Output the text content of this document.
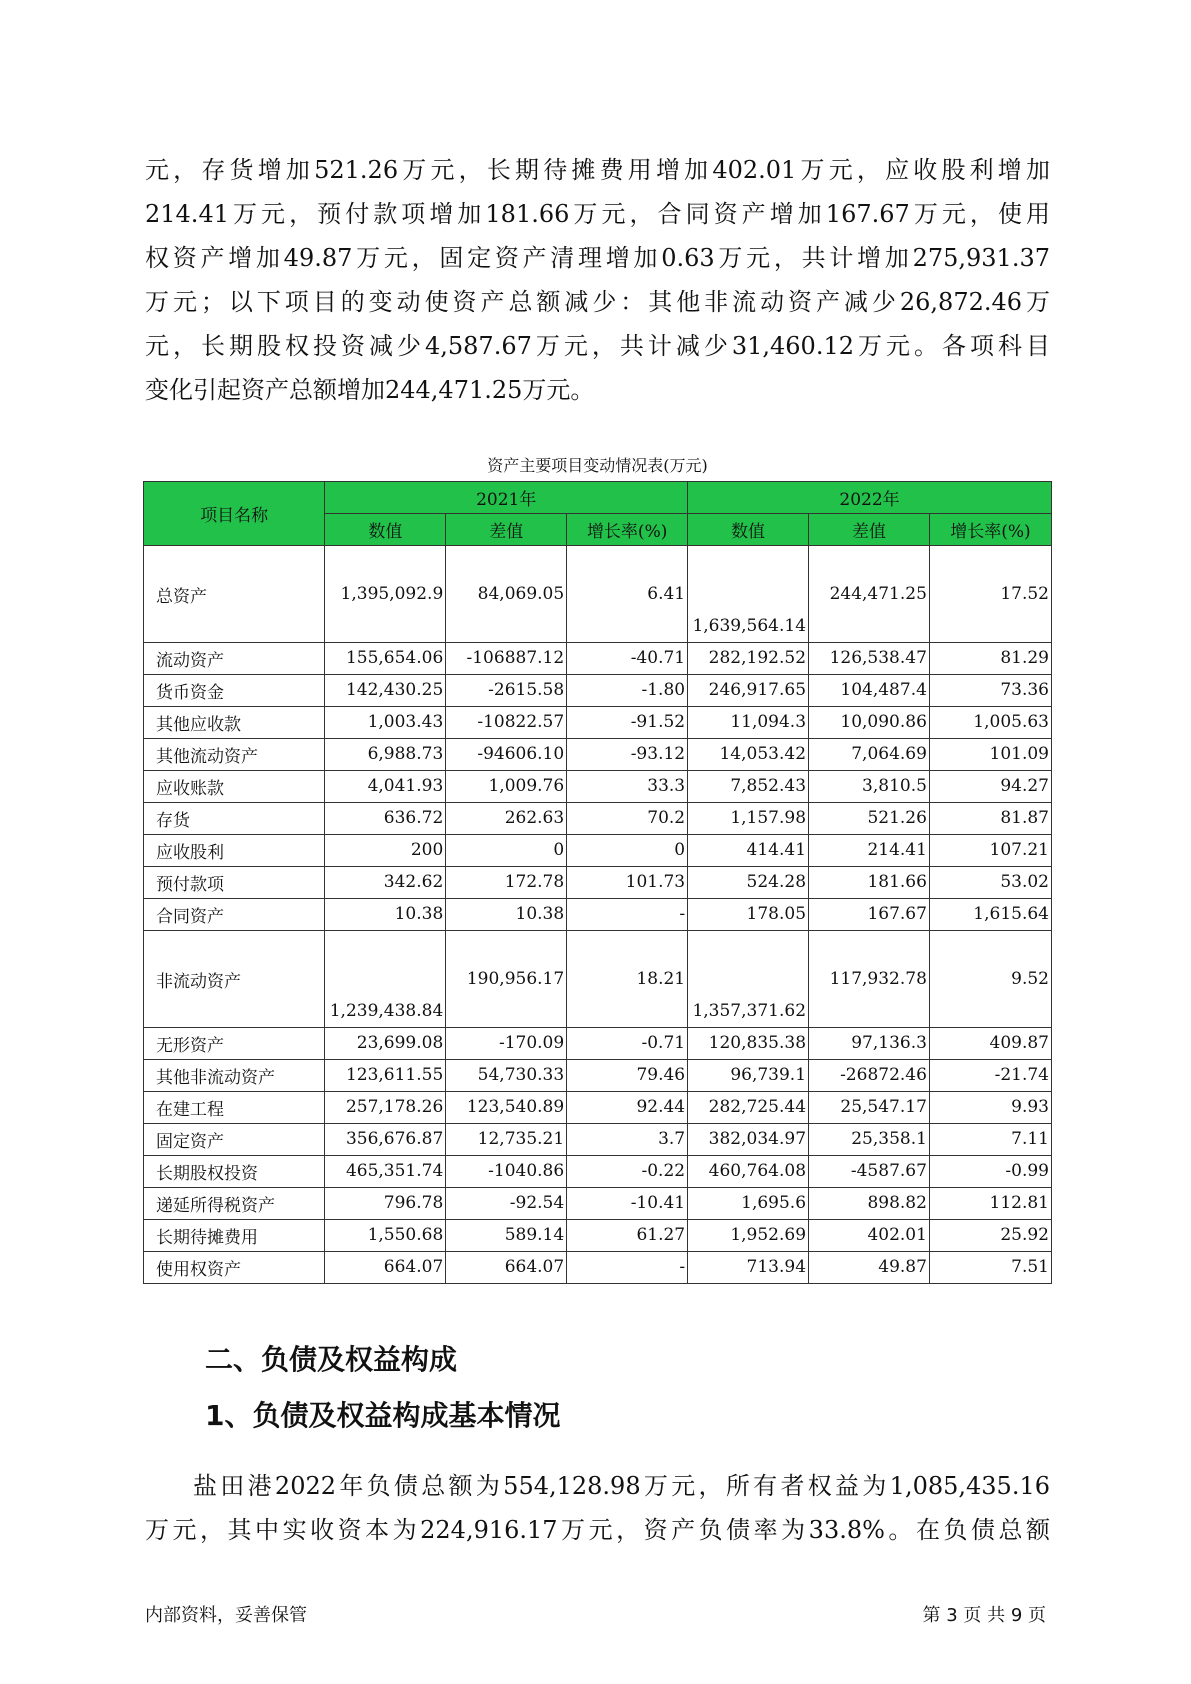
元，存货增加521.26万元，长期待摊费用增加402.01万元，应收股利增加
214.41万元，预付款项增加181.66万元，合同资产增加167.67万元，使用
权资产增加49.87万元，固定资产清理增加0.63万元，共计增加275,931.37
万元；以下项目的变动使资产总额减少：其他非流动资产减少26,872.46万
元，长期股权投资减少4,587.67万元，共计减少31,460.12万元。各项科目
变化引起资产总额增加244,471.25万元。
资产主要项目变动情况表(万元)
项目名称	2021年			2022年		
	数值	差值	增长率(%)	数值	差值	增长率(%)
总资产	1,395,092.9	84,069.05	6.41	1,639,564.14	244,471.25	17.52
流动资产	155,654.06	-106887.12	-40.71	282,192.52	126,538.47	81.29
货币资金	142,430.25	-2615.58	-1.80	246,917.65	104,487.4	73.36
其他应收款	1,003.43	-10822.57	-91.52	11,094.3	10,090.86	1,005.63
其他流动资产	6,988.73	-94606.10	-93.12	14,053.42	7,064.69	101.09
应收账款	4,041.93	1,009.76	33.3	7,852.43	3,810.5	94.27
存货	636.72	262.63	70.2	1,157.98	521.26	81.87
应收股利	200	0	0	414.41	214.41	107.21
预付款项	342.62	172.78	101.73	524.28	181.66	53.02
合同资产	10.38	10.38	-	178.05	167.67	1,615.64
非流动资产	1,239,438.84	190,956.17	18.21	1,357,371.62	117,932.78	9.52
无形资产	23,699.08	-170.09	-0.71	120,835.38	97,136.3	409.87
其他非流动资产	123,611.55	54,730.33	79.46	96,739.1	-26872.46	-21.74
在建工程	257,178.26	123,540.89	92.44	282,725.44	25,547.17	9.93
固定资产	356,676.87	12,735.21	3.7	382,034.97	25,358.1	7.11
长期股权投资	465,351.74	-1040.86	-0.22	460,764.08	-4587.67	-0.99
递延所得税资产	796.78	-92.54	-10.41	1,695.6	898.82	112.81
长期待摊费用	1,550.68	589.14	61.27	1,952.69	402.01	25.92
使用权资产	664.07	664.07	-	713.94	49.87	7.51
二、负债及权益构成
1、负债及权益构成基本情况
盐田港2022年负债总额为554,128.98万元，所有者权益为1,085,435.16
万元，其中实收资本为224,916.17万元，资产负债率为33.8%。在负债总额
内部资料，妥善保管	第 3 页 共 9 页
